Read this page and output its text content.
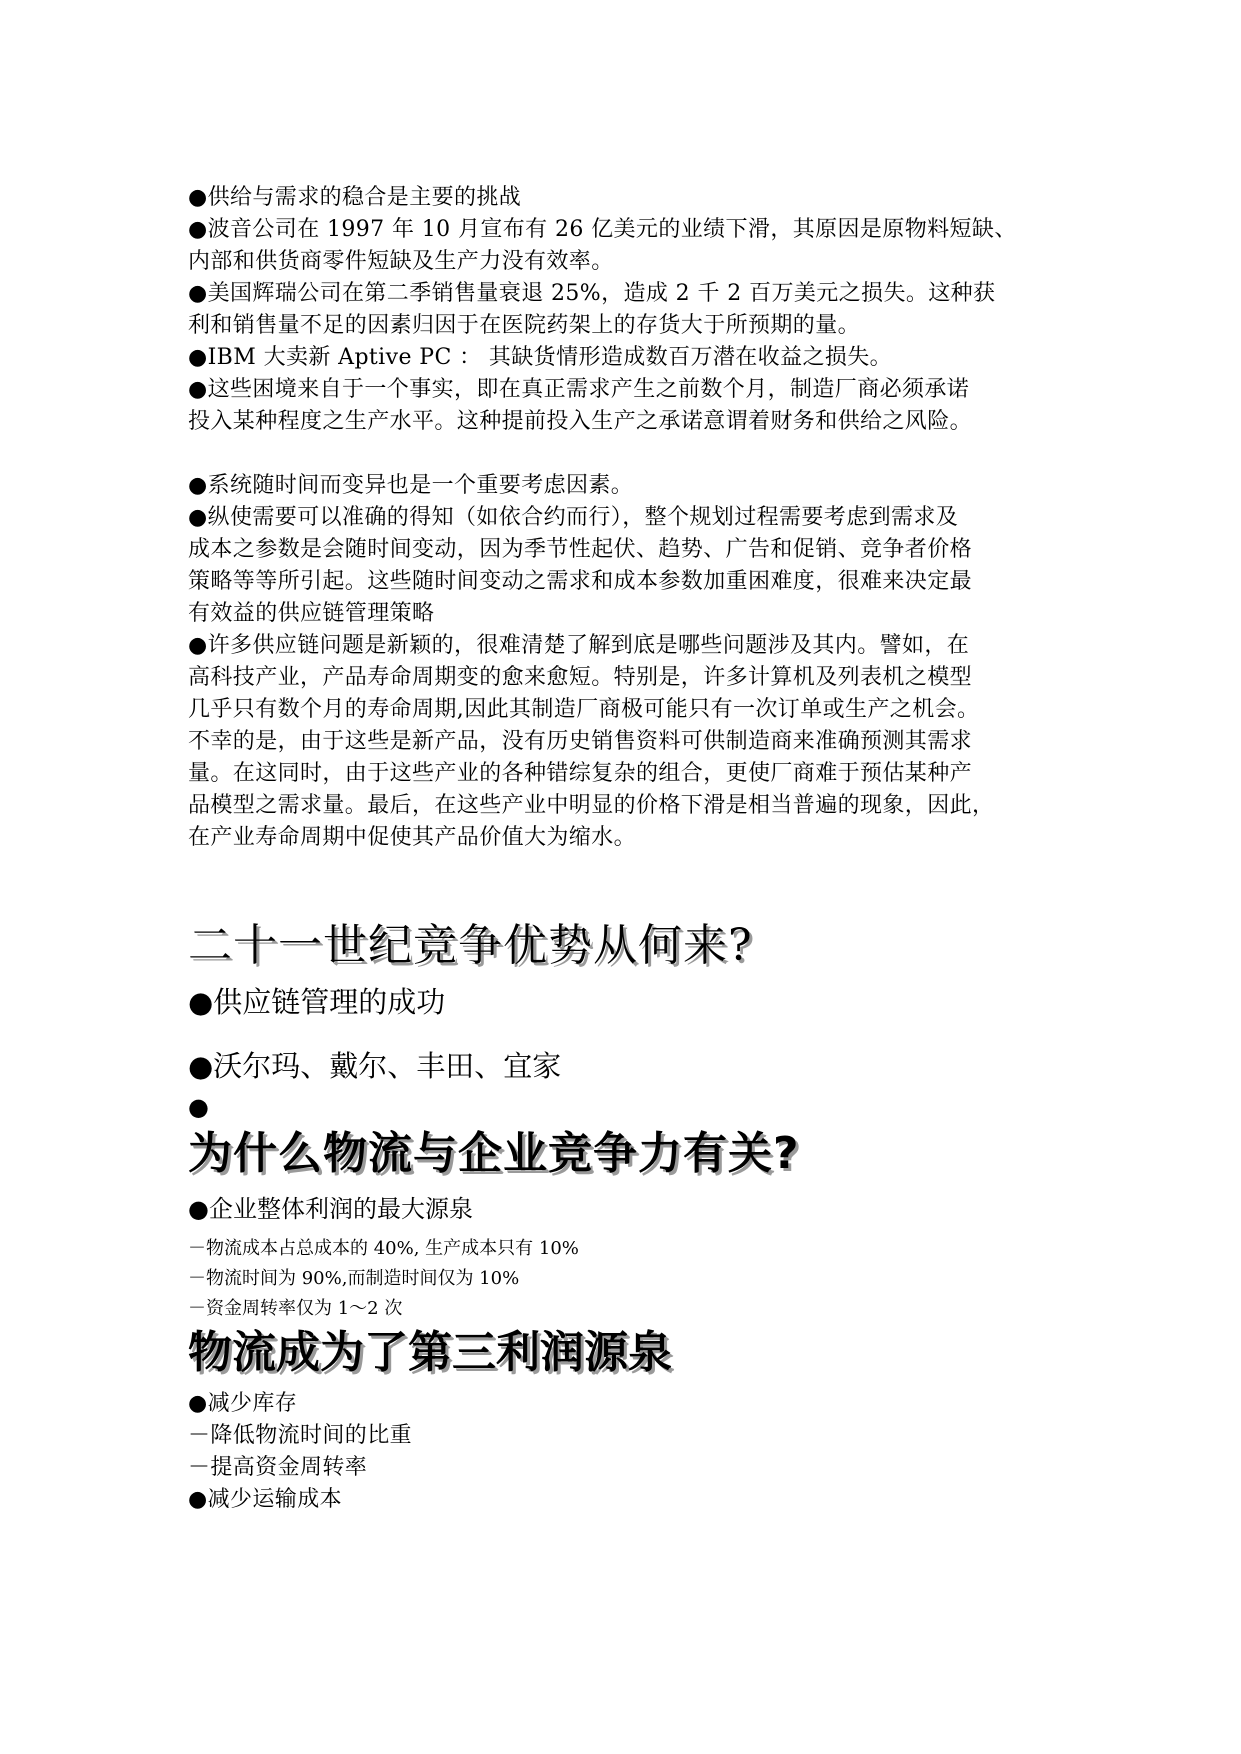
●供给与需求的稳合是主要的挑战

●波音公司在 1997 年 10 月宣布有 26 亿美元的业绩下滑，其原因是原物料短缺、

内部和供货商零件短缺及生产力没有效率。

●美国辉瑞公司在第二季销售量衰退 25%，造成 2 千 2 百万美元之损失。这种获

利和销售量不足的因素归因于在医院药架上的存货大于所预期的量。

●IBM 大卖新 Aptive PC ： 其缺货情形造成数百万潜在收益之损失。

●这些困境来自于一个事实，即在真正需求产生之前数个月，制造厂商必须承诺

投入某种程度之生产水平。这种提前投入生产之承诺意谓着财务和供给之风险。

●系统随时间而变异也是一个重要考虑因素。

●纵使需要可以准确的得知（如依合约而行），整个规划过程需要考虑到需求及

成本之参数是会随时间变动，因为季节性起伏、趋势、广告和促销、竞争者价格

策略等等所引起。这些随时间变动之需求和成本参数加重困难度，很难来决定最

有效益的供应链管理策略

●许多供应链问题是新颖的，很难清楚了解到底是哪些问题涉及其内。譬如，在

高科技产业，产品寿命周期变的愈来愈短。特别是，许多计算机及列表机之模型

几乎只有数个月的寿命周期,因此其制造厂商极可能只有一次订单或生产之机会。

不幸的是，由于这些是新产品，没有历史销售资料可供制造商来准确预测其需求

量。在这同时，由于这些产业的各种错综复杂的组合，更使厂商难于预估某种产

品模型之需求量。最后，在这些产业中明显的价格下滑是相当普遍的现象，因此，

在产业寿命周期中促使其产品价值大为缩水。

二十一世纪竞争优势从何来?

●供应链管理的成功

●沃尔玛、戴尔、丰田、宜家

●

为什么物流与企业竞争力有关?

●企业整体利润的最大源泉

－物流成本占总成本的 40%, 生产成本只有 10%

－物流时间为 90%,而制造时间仅为 10%

－资金周转率仅为 1～2 次

物流成为了第三利润源泉

●减少库存

－降低物流时间的比重

－提高资金周转率

●减少运输成本
